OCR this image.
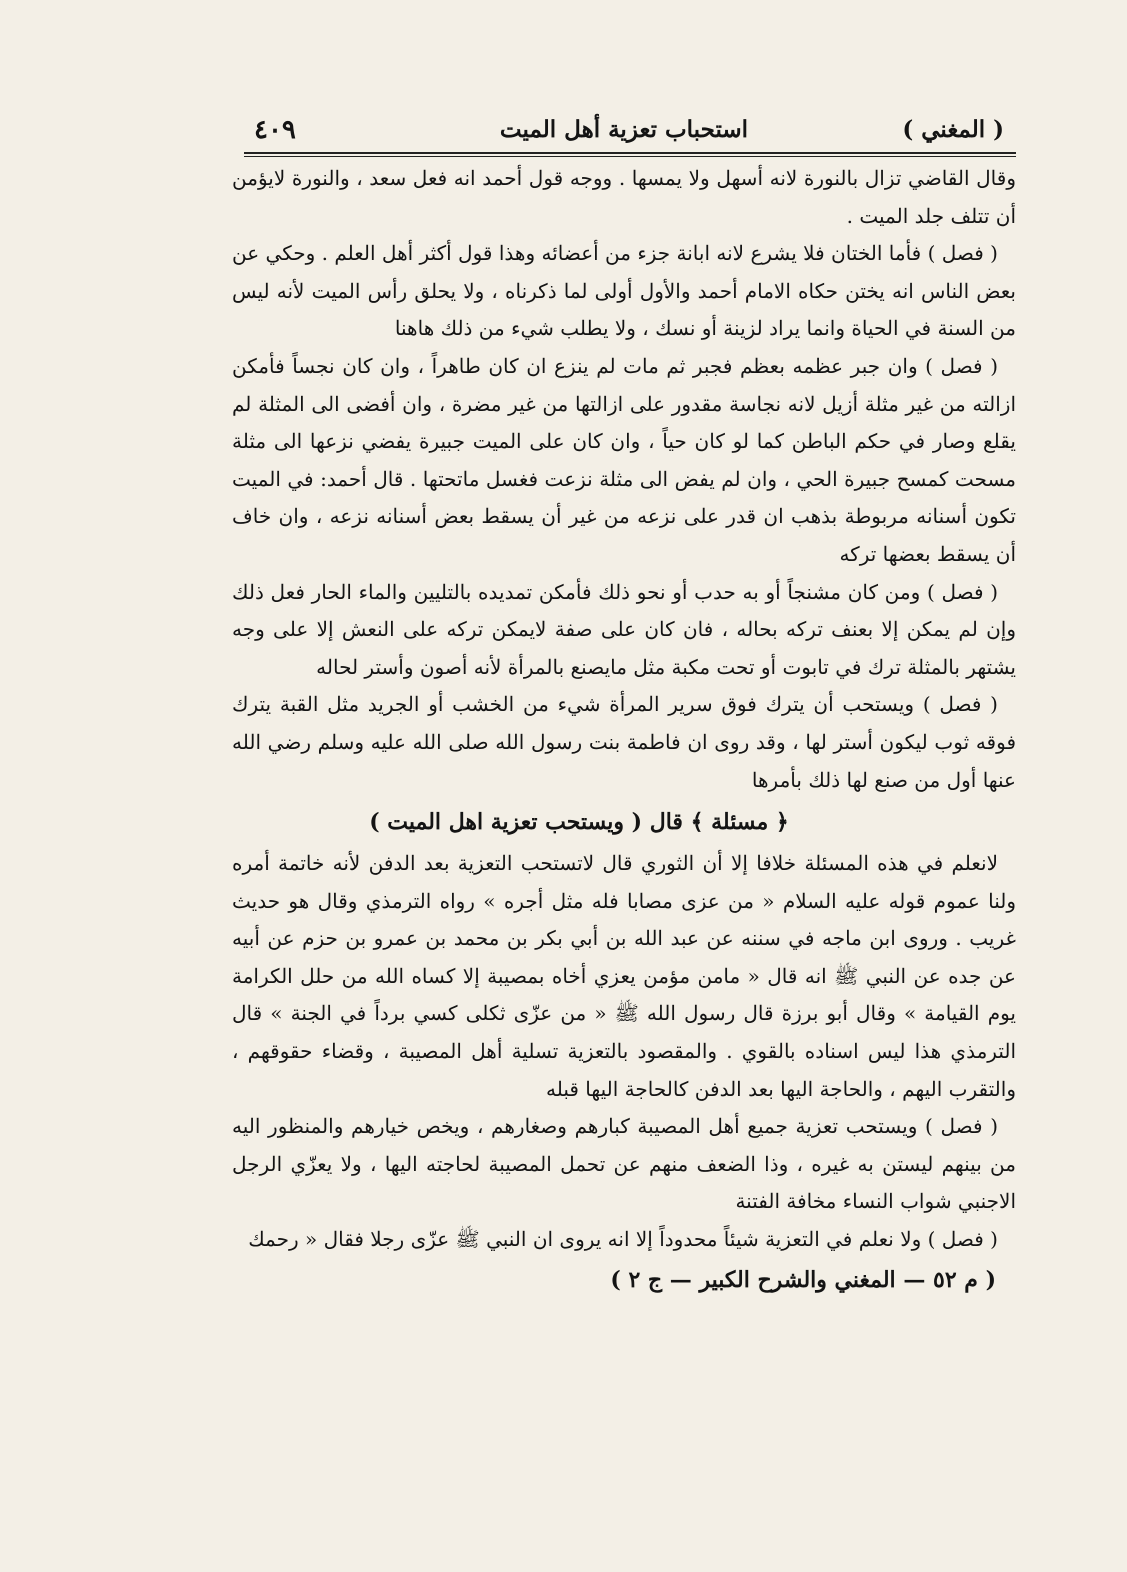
( المغني )
استحباب تعزية أهل الميت
٤٠٩

وقال القاضي تزال بالنورة لانه أسهل ولا يمسها . ووجه قول أحمد انه فعل سعد ، والنورة لايؤمن أن تتلف جلد الميت .

( فصل ) فأما الختان فلا يشرع لانه ابانة جزء من أعضائه وهذا قول أكثر أهل العلم . وحكي عن بعض الناس انه يختن حكاه الامام أحمد والأول أولى لما ذكرناه ، ولا يحلق رأس الميت لأنه ليس من السنة في الحياة وانما يراد لزينة أو نسك ، ولا يطلب شيء من ذلك هاهنا

( فصل ) وان جبر عظمه بعظم فجبر ثم مات لم ينزع ان كان طاهراً ، وان كان نجساً فأمكن ازالته من غير مثلة أزيل لانه نجاسة مقدور على ازالتها من غير مضرة ، وان أفضى الى المثلة لم يقلع وصار في حكم الباطن كما لو كان حياً ، وان كان على الميت جبيرة يفضي نزعها الى مثلة مسحت كمسح جبيرة الحي ، وان لم يفض الى مثلة نزعت فغسل ماتحتها . قال أحمد: في الميت تكون أسنانه مربوطة بذهب ان قدر على نزعه من غير أن يسقط بعض أسنانه نزعه ، وان خاف أن يسقط بعضها تركه

( فصل ) ومن كان مشنجاً أو به حدب أو نحو ذلك فأمكن تمديده بالتليين والماء الحار فعل ذلك وإن لم يمكن إلا بعنف تركه بحاله ، فان كان على صفة لايمكن تركه على النعش إلا على وجه يشتهر بالمثلة ترك في تابوت أو تحت مكبة مثل مايصنع بالمرأة لأنه أصون وأستر لحاله

( فصل ) ويستحب أن يترك فوق سرير المرأة شيء من الخشب أو الجريد مثل القبة يترك فوقه ثوب ليكون أستر لها ، وقد روى ان فاطمة بنت رسول الله صلى الله عليه وسلم رضي الله عنها أول من صنع لها ذلك بأمرها

﴿ مسئلة ﴾ قال ( ويستحب تعزية اهل الميت )

لانعلم في هذه المسئلة خلافا إلا أن الثوري قال لاتستحب التعزية بعد الدفن لأنه خاتمة أمره ولنا عموم قوله عليه السلام « من عزى مصابا فله مثل أجره » رواه الترمذي وقال هو حديث غريب . وروى ابن ماجه في سننه عن عبد الله بن أبي بكر بن محمد بن عمرو بن حزم عن أبيه عن جده عن النبي ﷺ انه قال « مامن مؤمن يعزي أخاه بمصيبة إلا كساه الله من حلل الكرامة يوم القيامة » وقال أبو برزة قال رسول الله ﷺ « من عزّى ثكلى كسي برداً في الجنة » قال الترمذي هذا ليس اسناده بالقوي . والمقصود بالتعزية تسلية أهل المصيبة ، وقضاء حقوقهم ، والتقرب اليهم ، والحاجة اليها بعد الدفن كالحاجة اليها قبله

( فصل ) ويستحب تعزية جميع أهل المصيبة كبارهم وصغارهم ، ويخص خيارهم والمنظور اليه من بينهم ليستن به غيره ، وذا الضعف منهم عن تحمل المصيبة لحاجته اليها ، ولا يعزّي الرجل الاجنبي شواب النساء مخافة الفتنة

( فصل ) ولا نعلم في التعزية شيئاً محدوداً إلا انه يروى ان النبي ﷺ عزّى رجلا فقال « رحمك

( م ٥٢ — المغني والشرح الكبير — ج ٢ )
